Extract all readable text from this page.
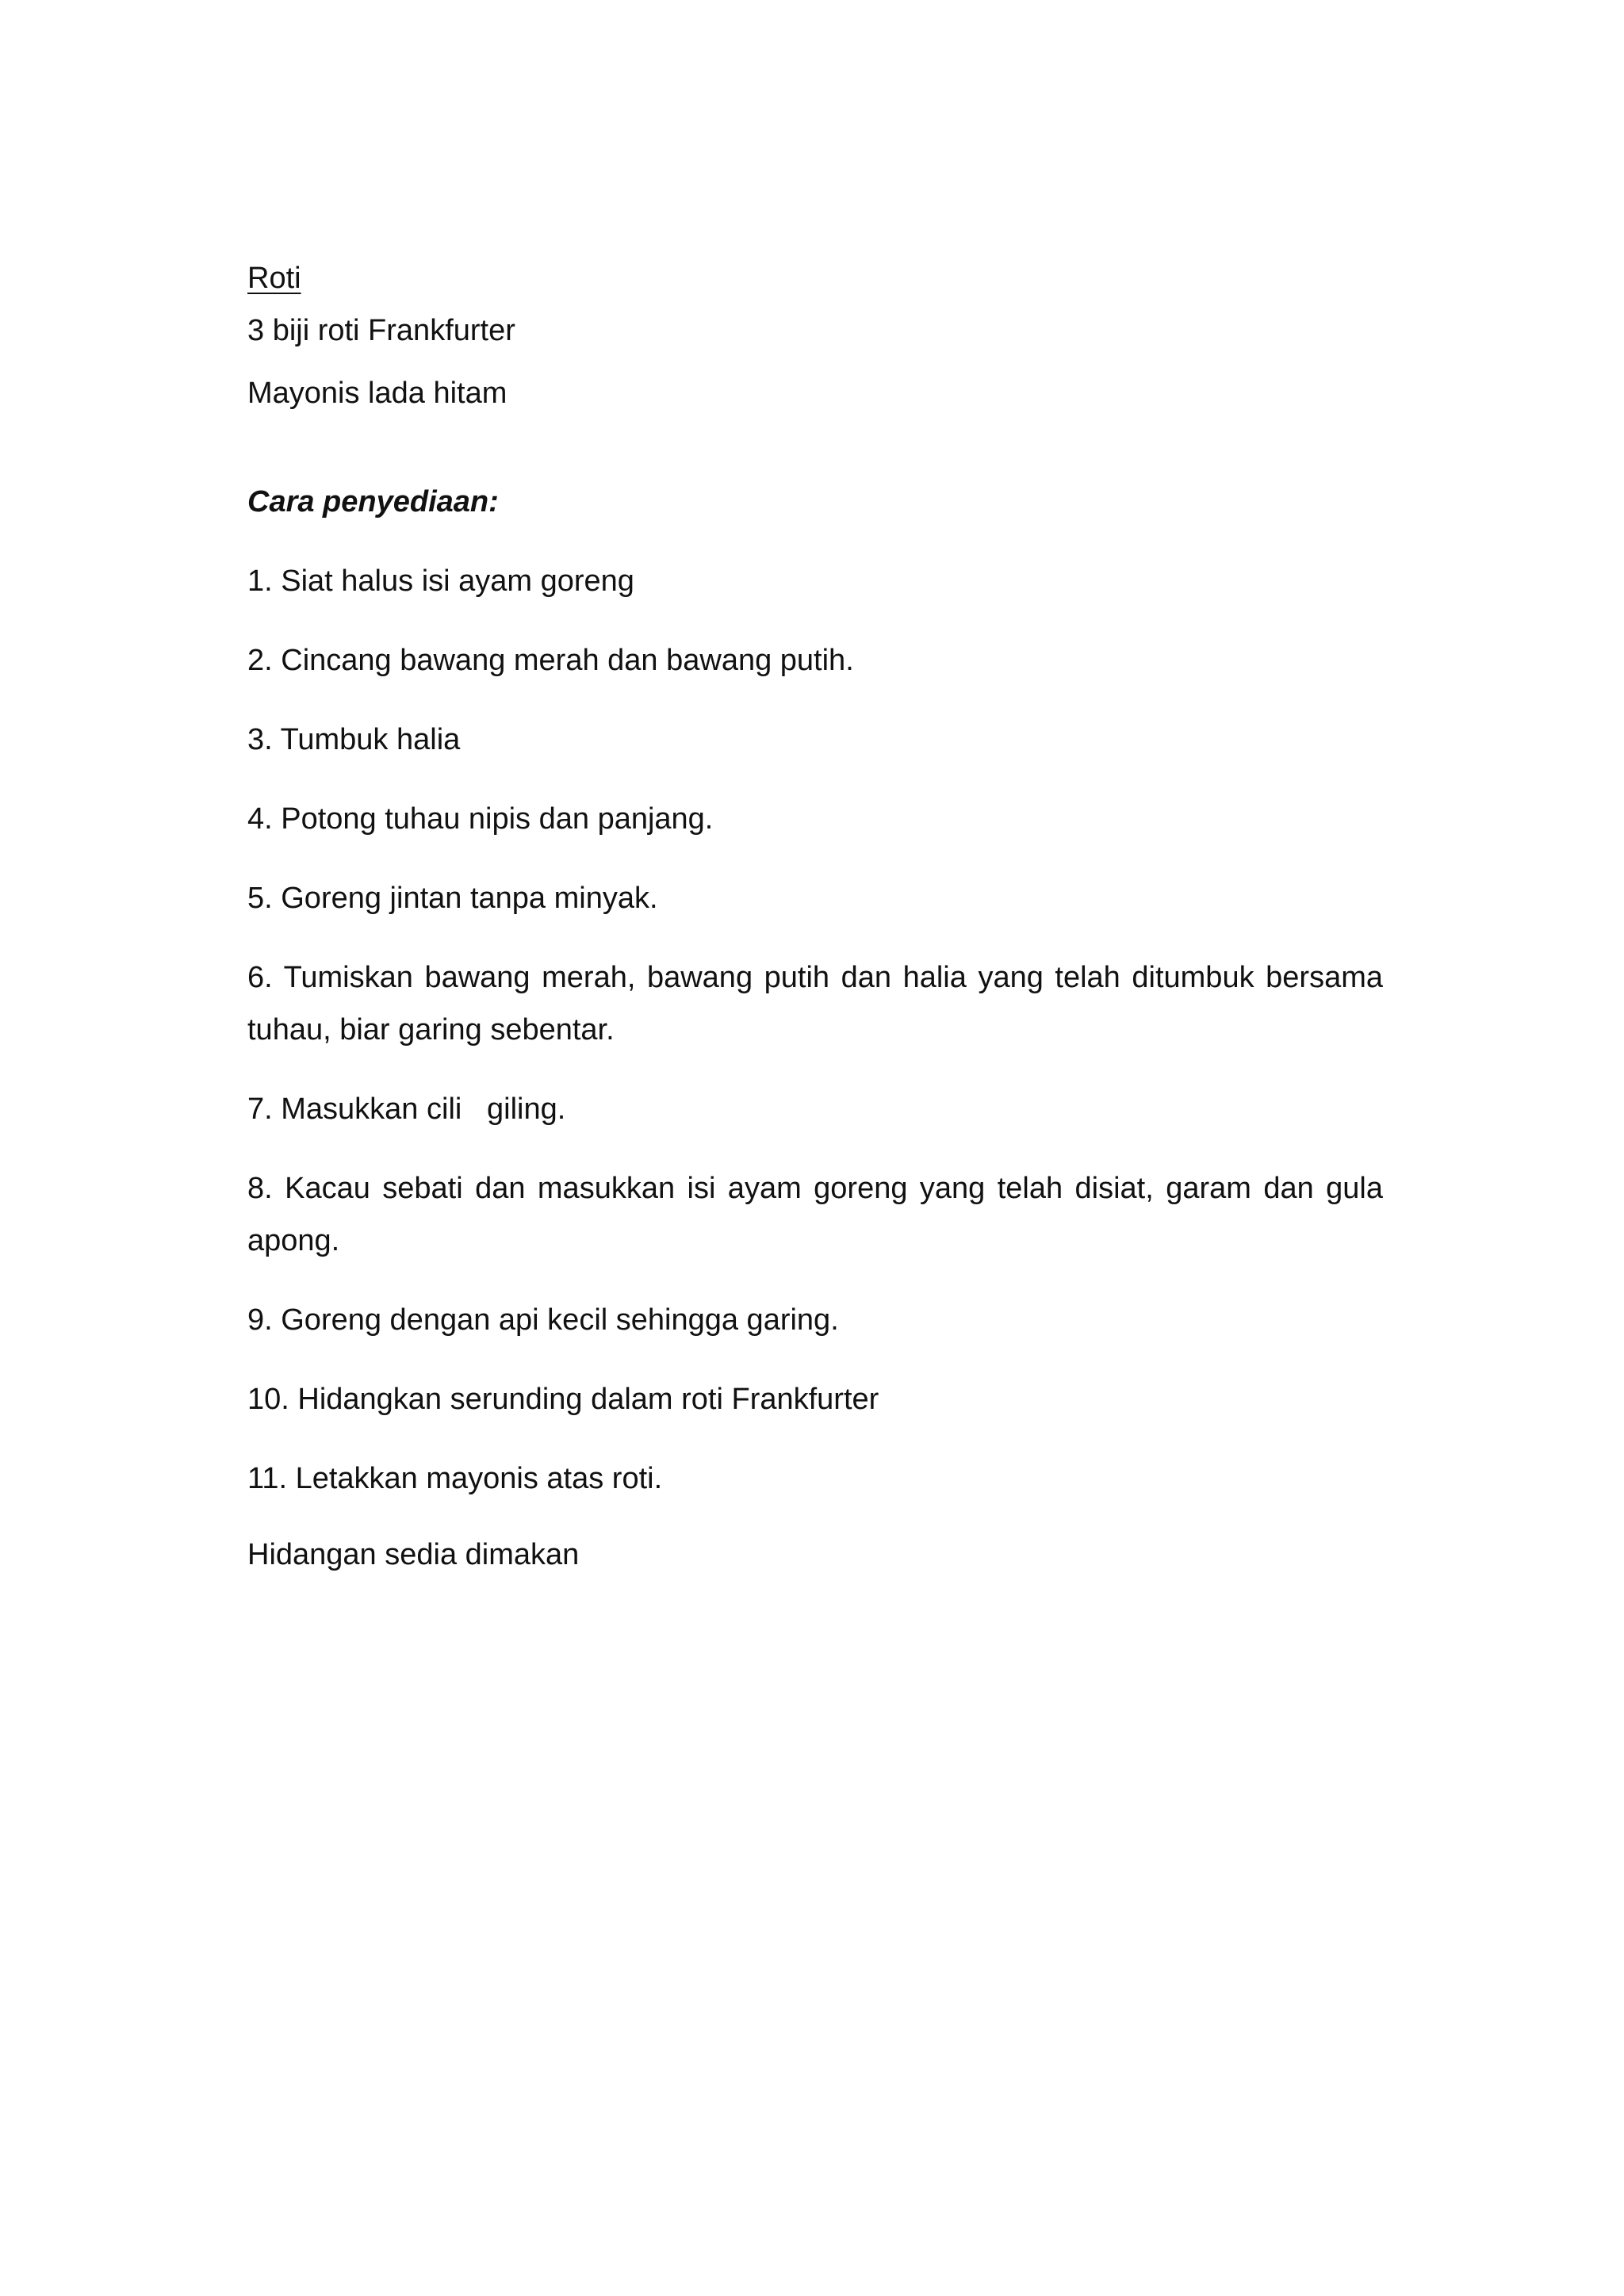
Roti

3 biji roti Frankfurter

Mayonis lada hitam

Cara penyediaan:

1. Siat halus isi ayam goreng
2. Cincang bawang merah dan bawang putih.
3. Tumbuk halia
4. Potong tuhau nipis dan panjang.
5. Goreng jintan tanpa minyak.
6. Tumiskan bawang merah, bawang putih dan halia yang telah ditumbuk bersama tuhau, biar garing sebentar.
7. Masukkan cili   giling.
8. Kacau sebati dan masukkan isi ayam goreng yang telah disiat, garam dan gula apong.
9. Goreng dengan api kecil sehingga garing.
10. Hidangkan serunding dalam roti Frankfurter
11. Letakkan mayonis atas roti.

Hidangan sedia dimakan
